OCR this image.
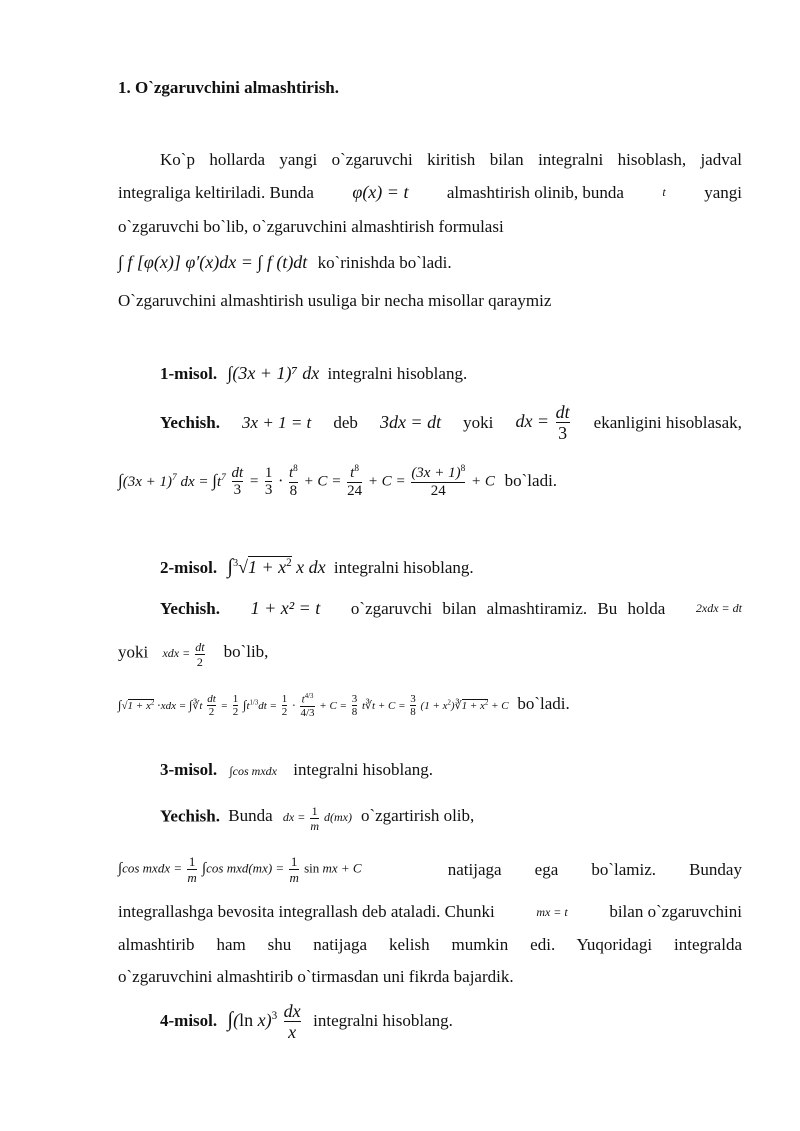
1. O`zgaruvchini almashtirish.
Ko`p hollarda yangi o`zgaruvchi kiritish bilan integralni hisoblash, jadval
integraliga keltiriladi. Bunda φ(x) = t almashtirish olinib, bunda	t yangi
o`zgaruvchi bo`lib, o`zgaruvchini almashtirish formulasi
∫ f [φ(x)] φ′(x)dx = ∫ f (t)dt ko`rinishda bo`ladi.
O`zgaruvchini almashtirish usuliga bir necha misollar qaraymiz
1-misol. ∫(3x + 1)⁷ dx integralni hisoblang.
Yechish. 3x + 1 = t deb 3dx = dt yoki dx = $\frac{dt}{3}$ ekanligini hisoblasak,
$\int(3x + 1)^7$ dx = $\int t^7 \frac{dt}{3} = \frac{1}{3} \cdot \frac{t^8}{8} + C = \frac{t^8}{24} + C = \frac{(3x + 1)^8}{24} + C$ bo`ladi.
2-misol. $\int^3√1 + x^2$ x dx integralni hisoblang.
Yechish. 1 + x² = t o`zgaruvchi bilan almashtiramiz. Bu holda	2xdx = dt
yoki xdx = $\frac{dt}{2}$ bo`lib,
$\int√1 + x^2 \cdot xdx$ = ∫∛t $\frac{dt}{2} = \frac{1}{2} \int t^{1/3}dt = \frac{1}{2} \cdot \frac{t^{4/3}}{4/3} + C = \frac{3}{8}$ t∛t + $C = \frac{3}{8} (1$ + $x^2)∛1 + x^2 + C$ bo`ladi.
3-misol. ∫cos mxdx integralni hisoblang.
Yechish. Bunda dx = $\frac{1}{m} d(mx)$ o`zgartirish olib,
∫cos mxdx = $\frac{1}{m} \int\cos$ $mxd(mx) = \frac{1}{m}$ sin mx + C	natijaga ega bo`lamiz. Bunday
integrallashga bevosita integrallash deb ataladi. Chunki	mx = t bilan o`zgaruvchini
almashtirib ham shu natijaga kelish mumkin edi. Yuqoridagi integralda
o`zgaruvchini almashtirib o`tirmasdan uni fikrda bajardik.
4-misol. ∫(ln $x)^3 \frac{dx}{x}$ integralni hisoblang.
